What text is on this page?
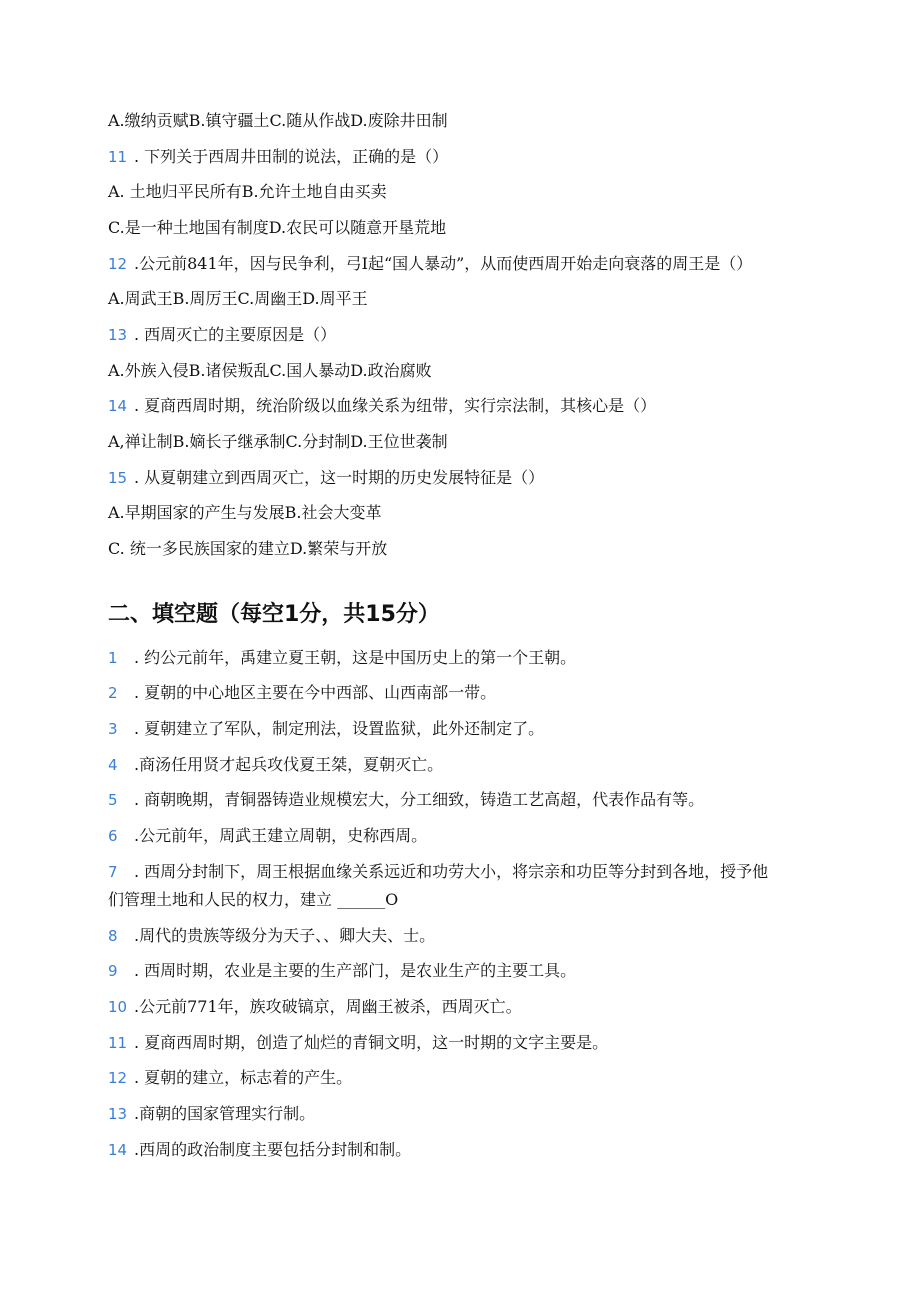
A.缴纳贡赋B.镇守疆土C.随从作战D.废除井田制
11 . 下列关于西周井田制的说法，正确的是（）
A. 土地归平民所有B.允许土地自由买卖
C.是一种土地国有制度D.农民可以随意开垦荒地
12 .公元前841年，因与民争利，弓I起“国人暴动”，从而使西周开始走向衰落的周王是（）
A.周武王B.周厉王C.周幽王D.周平王
13 . 西周灭亡的主要原因是（）
A.外族入侵B.诸侯叛乱C.国人暴动D.政治腐败
14 . 夏商西周时期，统治阶级以血缘关系为纽带，实行宗法制，其核心是（）
A,禅让制B.嫡长子继承制C.分封制D.王位世袭制
15 . 从夏朝建立到西周灭亡，这一时期的历史发展特征是（）
A.早期国家的产生与发展B.社会大变革
C. 统一多民族国家的建立D.繁荣与开放
二、填空题（每空1分，共15分）
1 . 约公元前年，禹建立夏王朝，这是中国历史上的第一个王朝。
2 . 夏朝的中心地区主要在今中西部、山西南部一带。
3 . 夏朝建立了军队，制定刑法，设置监狱，此外还制定了。
4 .商汤任用贤才起兵攻伐夏王桀，夏朝灭亡。
5 . 商朝晚期，青铜器铸造业规模宏大，分工细致，铸造工艺高超，代表作品有等。
6 .公元前年，周武王建立周朝，史称西周。
7 . 西周分封制下，周王根据血缘关系远近和功劳大小，将宗亲和功臣等分封到各地，授予他
们管理土地和人民的权力，建立 ______O
8 .周代的贵族等级分为天子、、卿大夫、士。
9 . 西周时期，农业是主要的生产部门，是农业生产的主要工具。
10 .公元前771年，族攻破镐京，周幽王被杀，西周灭亡。
11 . 夏商西周时期，创造了灿烂的青铜文明，这一时期的文字主要是。
12 . 夏朝的建立，标志着的产生。
13 .商朝的国家管理实行制。
14 .西周的政治制度主要包括分封制和制。
